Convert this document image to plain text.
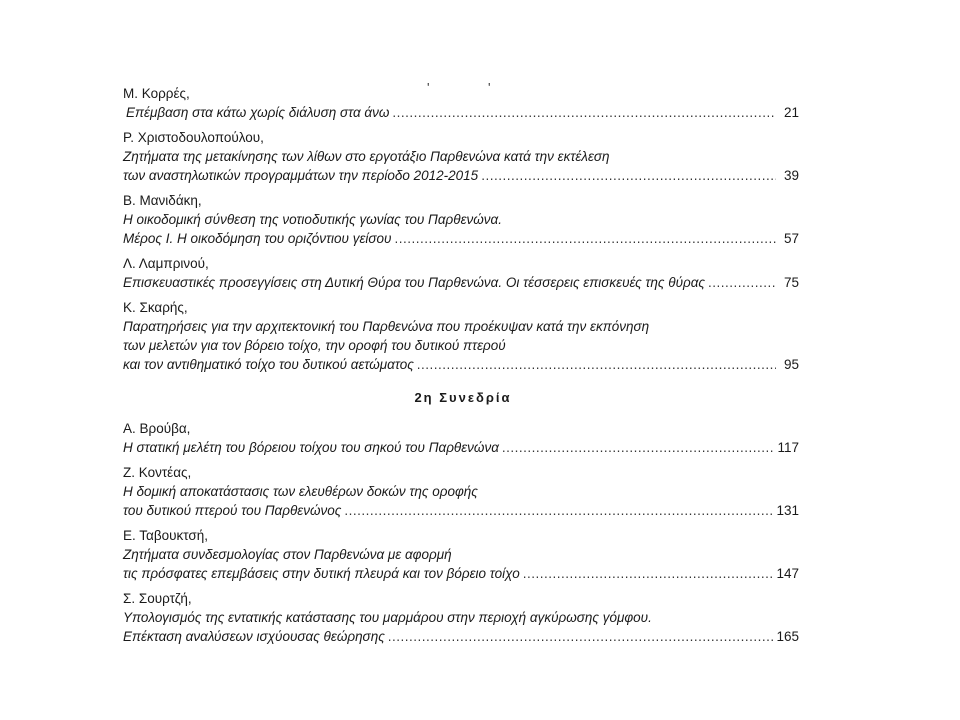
'	'
Μ. Κορρές,
Επέμβαση στα κάτω χωρίς διάλυση στα άνω .....	21
Ρ. Χριστοδουλοπούλου,
Ζητήματα της μετακίνησης των λίθων στο εργοτάξιο Παρθενώνα κατά την εκτέλεση
των αναστηλωτικών προγραμμάτων την περίοδο 2012-2015 .....	39
Β. Μανιδάκη,
Η οικοδομική σύνθεση της νοτιοδυτικής γωνίας του Παρθενώνα.
Μέρος Ι. Η οικοδόμηση του οριζόντιου γείσου .....	57
Λ. Λαμπρινού,
Επισκευαστικές προσεγγίσεις στη Δυτική Θύρα του Παρθενώνα. Οι τέσσερεις επισκευές της θύρας .....	75
Κ. Σκαρής,
Παρατηρήσεις για την αρχιτεκτονική του Παρθενώνα που προέκυψαν κατά την εκπόνηση
των μελετών για τον βόρειο τοίχο, την οροφή του δυτικού πτερού
και τον αντιθηματικό τοίχο του δυτικού αετώματος .....	95
2η Συνεδρία
Α. Βρούβα,
Η στατική μελέτη του βόρειου τοίχου του σηκού του Παρθενώνα .....	117
Ζ. Κοντέας,
Η δομική αποκατάστασις των ελευθέρων δοκών της οροφής
του δυτικού πτερού του Παρθενώνος .....	131
Ε. Ταβουκτσή,
Ζητήματα συνδεσμολογίας στον Παρθενώνα με αφορμή
τις πρόσφατες επεμβάσεις στην δυτική πλευρά και τον βόρειο τοίχο .....	147
Σ. Σουρτζή,
Υπολογισμός της εντατικής κατάστασης του μαρμάρου στην περιοχή αγκύρωσης γόμφου.
Επέκταση αναλύσεων ισχύουσας θεώρησης .....	165
